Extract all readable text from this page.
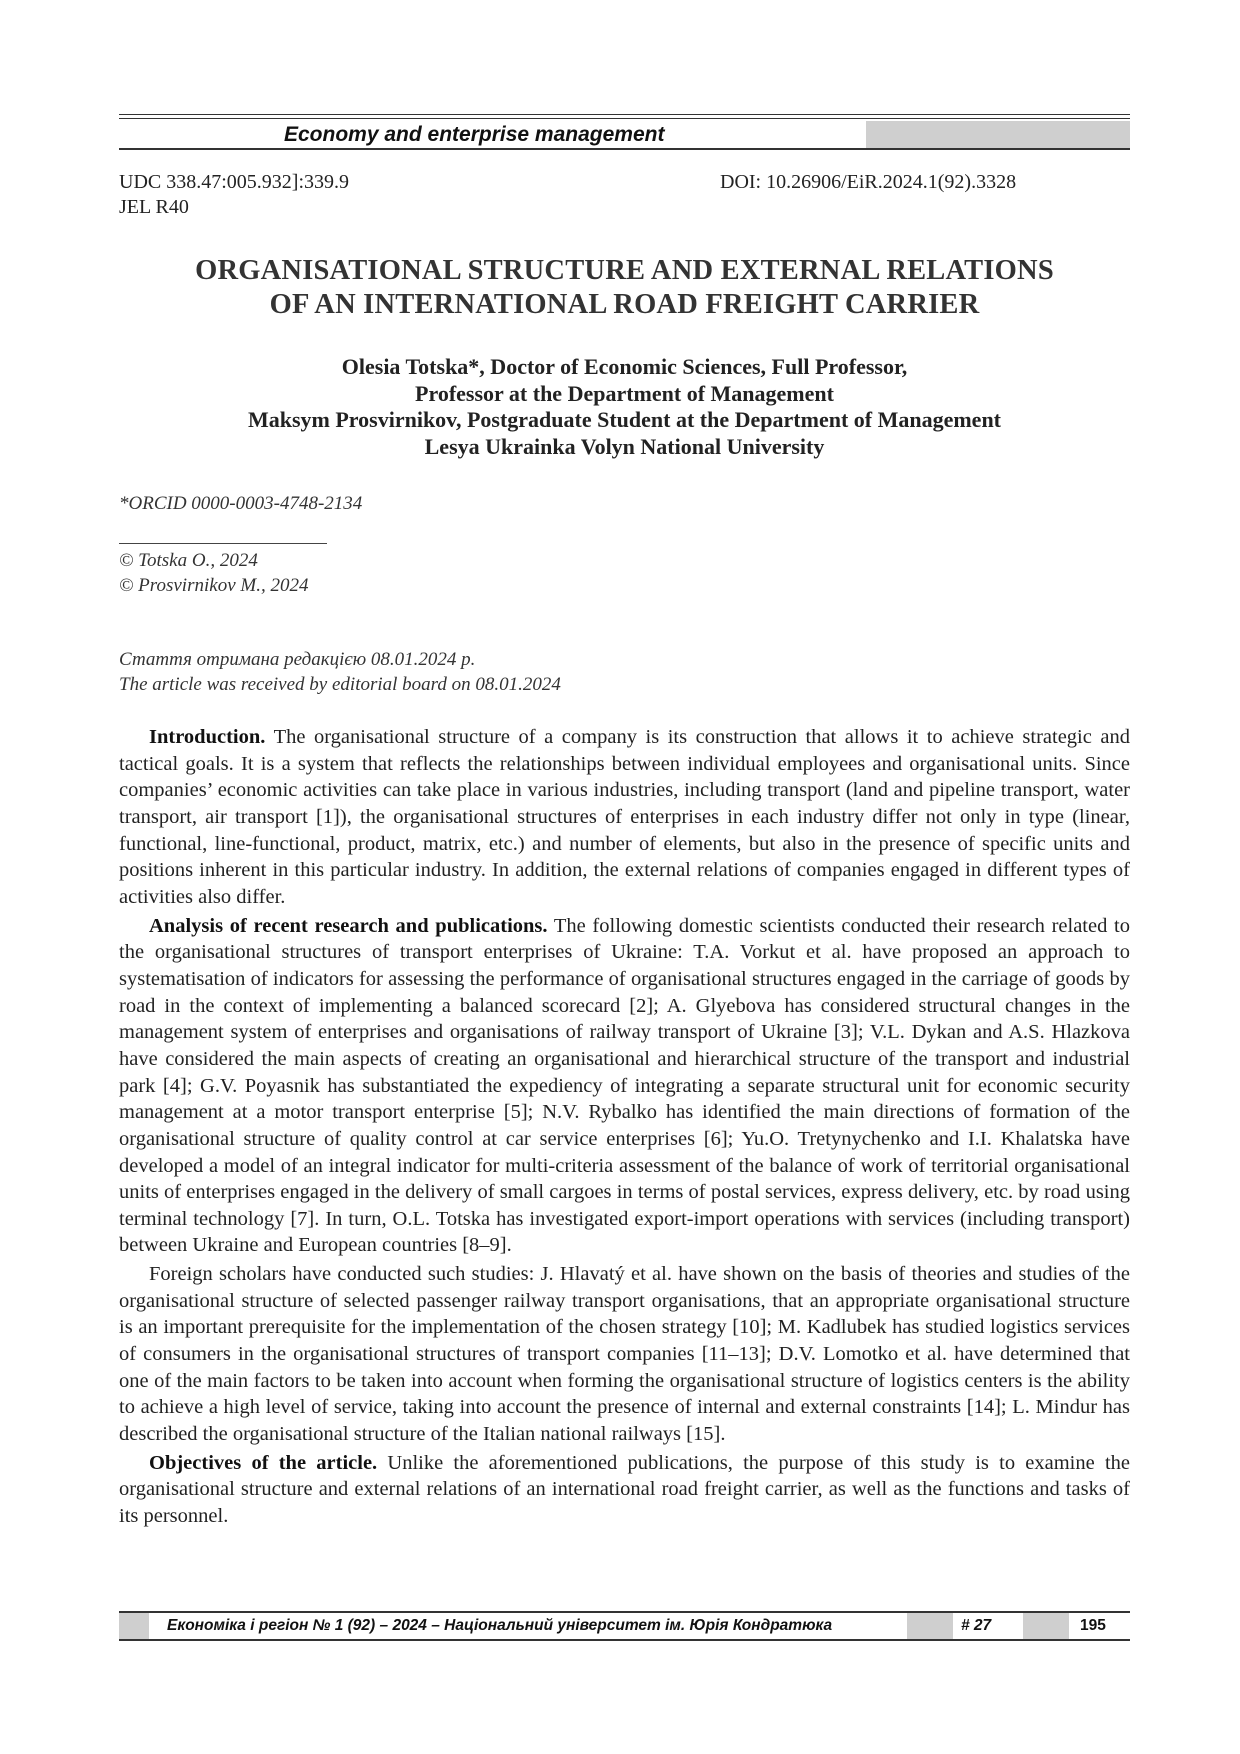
Economy and enterprise management
UDC 338.47:005.932]:339.9
JEL R40
DOI: 10.26906/EiR.2024.1(92).3328
ORGANISATIONAL STRUCTURE AND EXTERNAL RELATIONS
OF AN INTERNATIONAL ROAD FREIGHT CARRIER
Olesia Totska*, Doctor of Economic Sciences, Full Professor,
Professor at the Department of Management
Maksym Prosvirnikov, Postgraduate Student at the Department of Management
Lesya Ukrainka Volyn National University
*ORCID 0000-0003-4748-2134
© Totska O., 2024
© Prosvirnikov M., 2024
Стаття отримана редакцією 08.01.2024 р.
The article was received by editorial board on 08.01.2024

Introduction. The organisational structure of a company is its construction that allows it to achieve strategic and tactical goals. It is a system that reflects the relationships between individual employees and organisational units. Since companies’ economic activities can take place in various industries, including transport (land and pipeline transport, water transport, air transport [1]), the organisational structures of enterprises in each industry differ not only in type (linear, functional, line-functional, product, matrix, etc.) and number of elements, but also in the presence of specific units and positions inherent in this particular industry. In addition, the external relations of companies engaged in different types of activities also differ.

Analysis of recent research and publications. The following domestic scientists conducted their research related to the organisational structures of transport enterprises of Ukraine: T.A. Vorkut et al. have proposed an approach to systematisation of indicators for assessing the performance of organisational structures engaged in the carriage of goods by road in the context of implementing a balanced scorecard [2]; A. Glyebova has considered structural changes in the management system of enterprises and organisations of railway transport of Ukraine [3]; V.L. Dykan and A.S. Hlazkova have considered the main aspects of creating an organisational and hierarchical structure of the transport and industrial park [4]; G.V. Poyasnik has substantiated the expediency of integrating a separate structural unit for economic security management at a motor transport enterprise [5]; N.V. Rybalko has identified the main directions of formation of the organisational structure of quality control at car service enterprises [6]; Yu.O. Tretynychenko and I.I. Khalatska have developed a model of an integral indicator for multi-criteria assessment of the balance of work of territorial organisational units of enterprises engaged in the delivery of small cargoes in terms of postal services, express delivery, etc. by road using terminal technology [7]. In turn, O.L. Totska has investigated export-import operations with services (including transport) between Ukraine and European countries [8–9].

Foreign scholars have conducted such studies: J. Hlavatý et al. have shown on the basis of theories and studies of the organisational structure of selected passenger railway transport organisations, that an appropriate organisational structure is an important prerequisite for the implementation of the chosen strategy [10]; M. Kadlubek has studied logistics services of consumers in the organisational structures of transport companies [11–13]; D.V. Lomotko et al. have determined that one of the main factors to be taken into account when forming the organisational structure of logistics centers is the ability to achieve a high level of service, taking into account the presence of internal and external constraints [14]; L. Mindur has described the organisational structure of the Italian national railways [15].

Objectives of the article. Unlike the aforementioned publications, the purpose of this study is to examine the organisational structure and external relations of an international road freight carrier, as well as the functions and tasks of its personnel.

Економіка і регіон № 1 (92) – 2024 – Національний університет ім. Юрія Кондратюка	# 27	195
